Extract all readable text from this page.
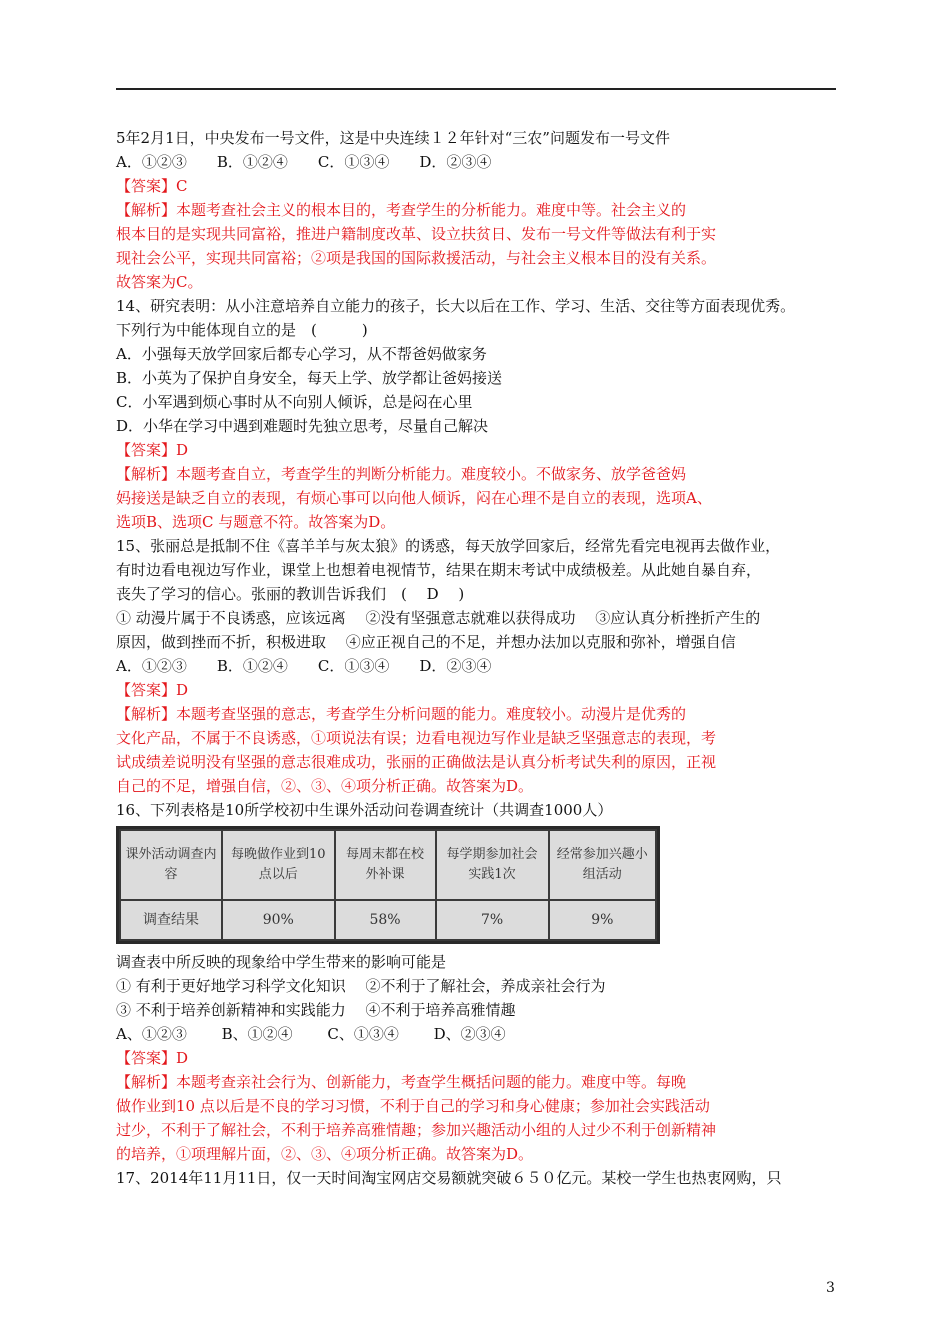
5年2月1日，中央发布一号文件，这是中央连续１２年针对“三农”问题发布一号文件
A．①②③　　B．①②④　　C．①③④　　D．②③④
【答案】C
【解析】本题考查社会主义的根本目的，考查学生的分析能力。难度中等。社会主义的
根本目的是实现共同富裕，推进户籍制度改革、设立扶贫日、发布一号文件等做法有利于实
现社会公平，实现共同富裕；②项是我国的国际救援活动，与社会主义根本目的没有关系。
故答案为C。
14、研究表明：从小注意培养自立能力的孩子，长大以后在工作、学习、生活、交往等方面表现优秀。
下列行为中能体现自立的是　(　　　)
A．小强每天放学回家后都专心学习，从不帮爸妈做家务
B．小英为了保护自身安全，每天上学、放学都让爸妈接送
C．小军遇到烦心事时从不向别人倾诉，总是闷在心里
D．小华在学习中遇到难题时先独立思考，尽量自己解决
【答案】D
【解析】本题考查自立，考查学生的判断分析能力。难度较小。不做家务、放学爸爸妈
妈接送是缺乏自立的表现，有烦心事可以向他人倾诉，闷在心理不是自立的表现，选项A、
选项B、选项C 与题意不符。故答案为D。
15、张丽总是抵制不住《喜羊羊与灰太狼》的诱惑，每天放学回家后，经常先看完电视再去做作业，
有时边看电视边写作业，课堂上也想着电视情节，结果在期末考试中成绩极差。从此她自暴自弃，
丧失了学习的信心。张丽的教训告诉我们　(　 D　 )
① 动漫片属于不良诱惑，应该远离　 ②没有坚强意志就难以获得成功　 ③应认真分析挫折产生的
原因，做到挫而不折，积极进取　 ④应正视自己的不足，并想办法加以克服和弥补，增强自信
A．①②③　　B．①②④　　C．①③④　　D．②③④
【答案】D
【解析】本题考查坚强的意志，考查学生分析问题的能力。难度较小。动漫片是优秀的
文化产品，不属于不良诱惑，①项说法有误；边看电视边写作业是缺乏坚强意志的表现，考
试成绩差说明没有坚强的意志很难成功，张丽的正确做法是认真分析考试失利的原因，正视
自己的不足，增强自信，②、③、④项分析正确。故答案为D。
16、下列表格是10所学校初中生课外活动问卷调查统计（共调查1000人）
课外活动调查内容	每晚做作业到10点以后	每周末都在校外补课	每学期参加社会实践1次	经常参加兴趣小组活动
调查结果	90%	58%	7%	9%
调查表中所反映的现象给中学生带来的影响可能是
① 有利于更好地学习科学文化知识　 ②不利于了解社会，养成亲社会行为
③ 不利于培养创新精神和实践能力　 ④不利于培养高雅情趣
A、①②③　　 B、①②④　　 C、①③④　　 D、②③④
【答案】D
【解析】本题考查亲社会行为、创新能力，考查学生概括问题的能力。难度中等。每晚
做作业到10 点以后是不良的学习习惯，不利于自己的学习和身心健康；参加社会实践活动
过少，不利于了解社会，不利于培养高雅情趣；参加兴趣活动小组的人过少不利于创新精神
的培养，①项理解片面，②、③、④项分析正确。故答案为D。
17、2014年11月11日，仅一天时间淘宝网店交易额就突破６５０亿元。某校一学生也热衷网购，只
3
